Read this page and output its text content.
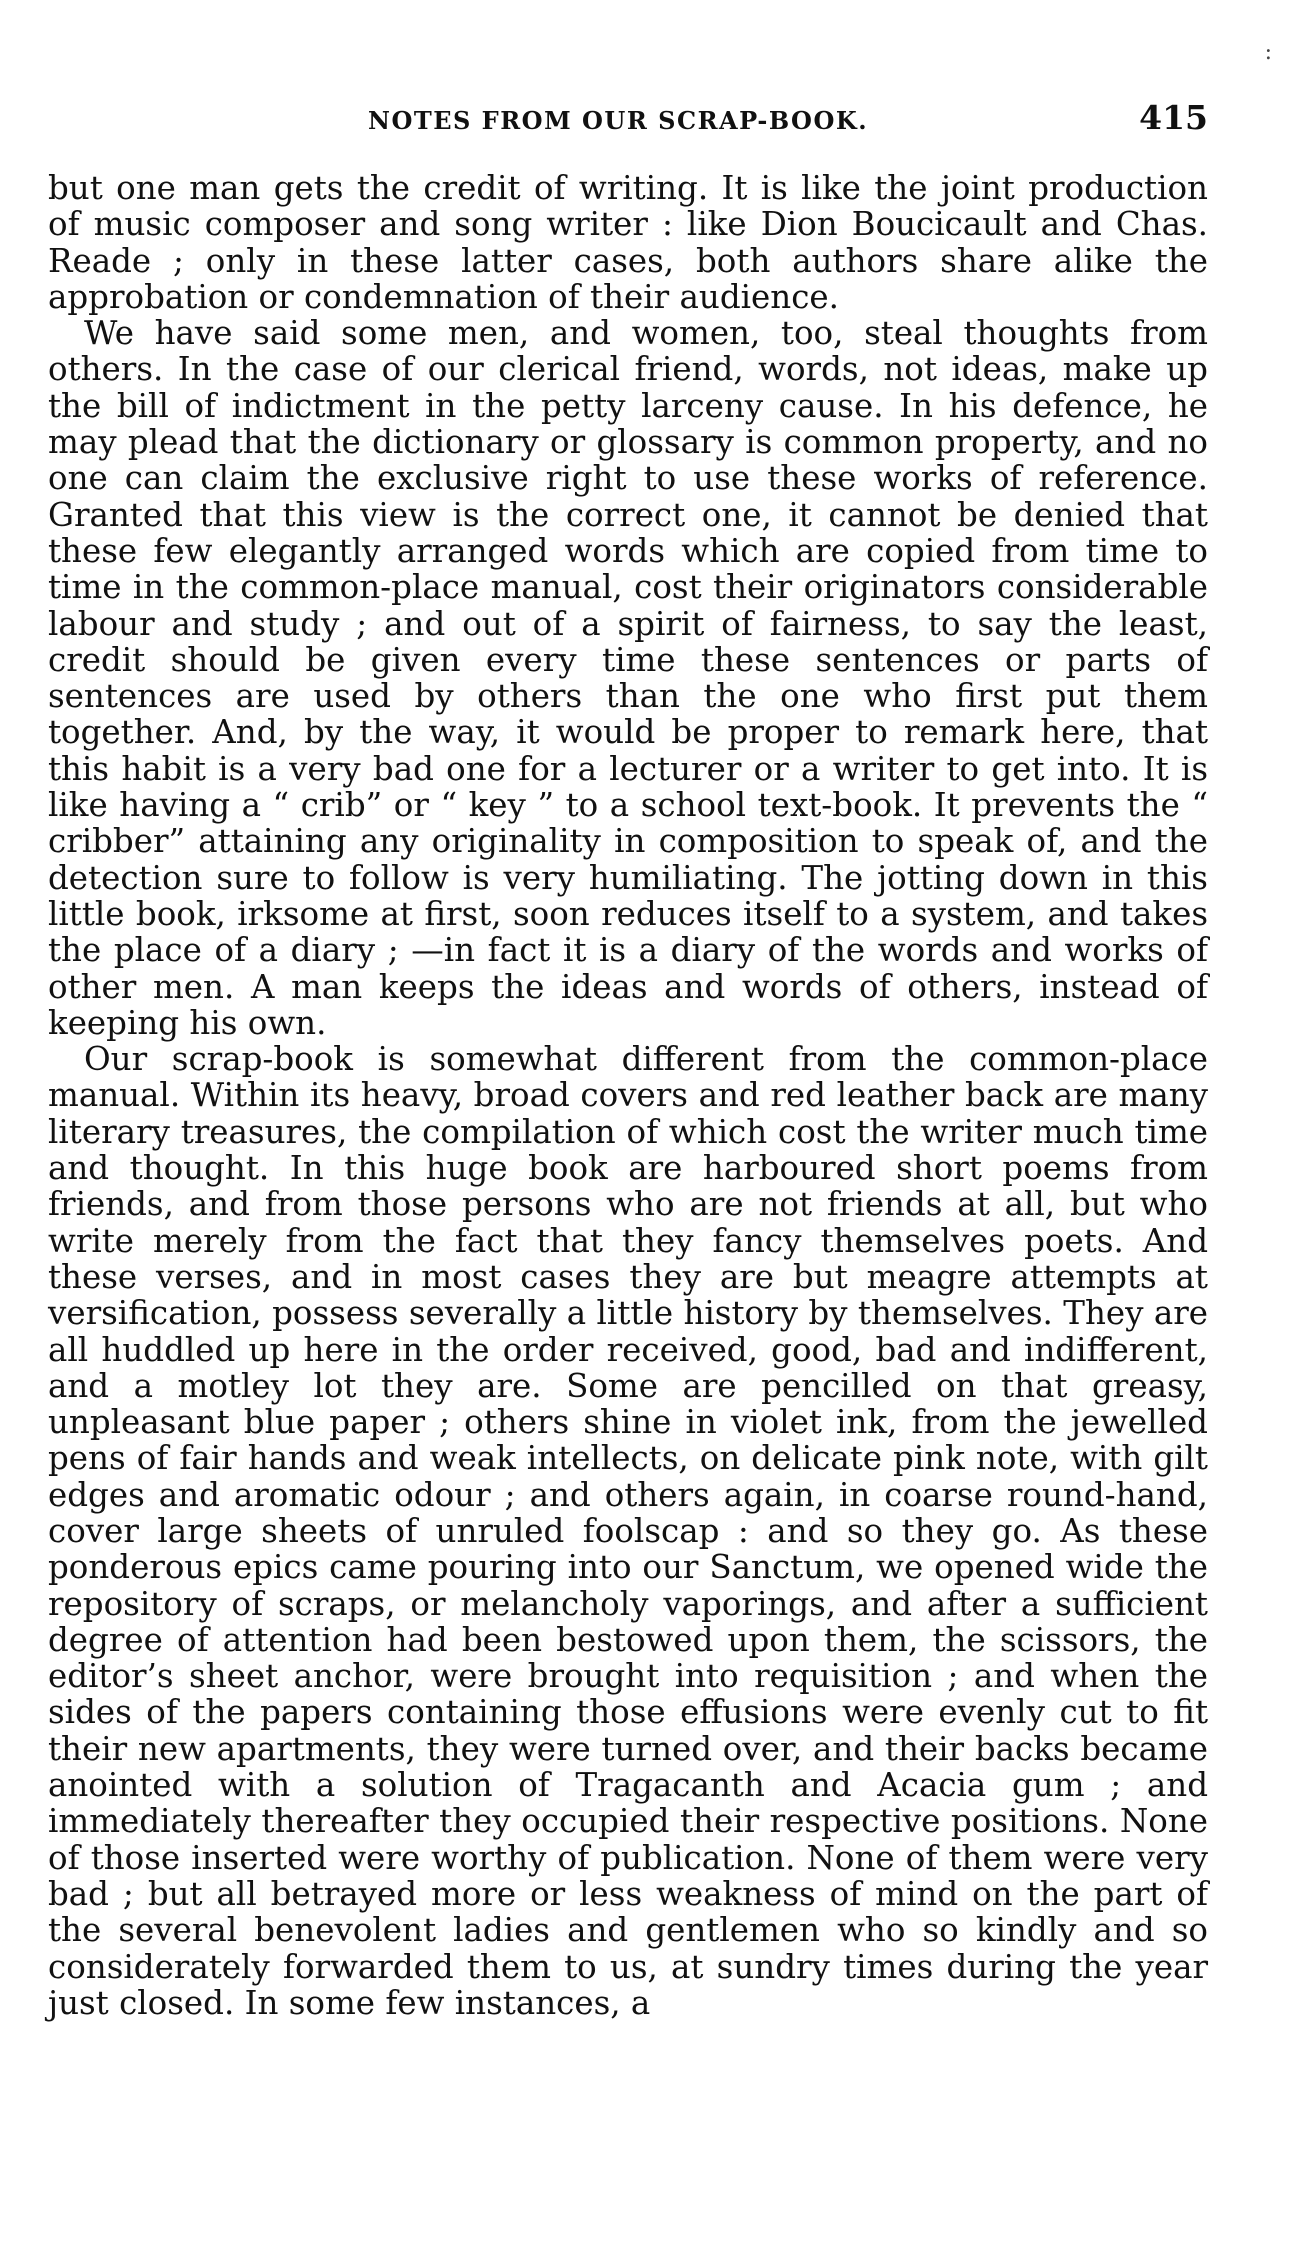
NOTES FROM OUR SCRAP-BOOK.	415
:

but one man gets the credit of writing. It is like the joint production of music composer and song writer : like Dion Boucicault and Chas. Reade ; only in these latter cases, both authors share alike the approbation or condemnation of their audience.

We have said some men, and women, too, steal thoughts from others. In the case of our clerical friend, words, not ideas, make up the bill of indictment in the petty larceny cause. In his defence, he may plead that the dictionary or glossary is common property, and no one can claim the exclusive right to use these works of reference. Granted that this view is the correct one, it cannot be denied that these few elegantly arranged words which are copied from time to time in the common-place manual, cost their originators considerable labour and study ; and out of a spirit of fairness, to say the least, credit should be given every time these sentences or parts of sentences are used by others than the one who first put them together. And, by the way, it would be proper to remark here, that this habit is a very bad one for a lecturer or a writer to get into. It is like having a “ crib” or “ key ” to a school text-book. It prevents the “ cribber” attaining any originality in composition to speak of, and the detection sure to follow is very humiliating. The jotting down in this little book, irksome at first, soon reduces itself to a system, and takes the place of a diary ; —in fact it is a diary of the words and works of other men. A man keeps the ideas and words of others, instead of keeping his own.

Our scrap-book is somewhat different from the common-place manual. Within its heavy, broad covers and red leather back are many literary treasures, the compilation of which cost the writer much time and thought. In this huge book are harboured short poems from friends, and from those persons who are not friends at all, but who write merely from the fact that they fancy themselves poets. And these verses, and in most cases they are but meagre attempts at versification, possess severally a little history by themselves. They are all huddled up here in the order received, good, bad and indifferent, and a motley lot they are. Some are pencilled on that greasy, unpleasant blue paper ; others shine in violet ink, from the jewelled pens of fair hands and weak intellects, on delicate pink note, with gilt edges and aromatic odour ; and others again, in coarse round-hand, cover large sheets of unruled foolscap : and so they go. As these ponderous epics came pouring into our Sanctum, we opened wide the repository of scraps, or melancholy vaporings, and after a sufficient degree of attention had been bestowed upon them, the scissors, the editor’s sheet anchor, were brought into requisition ; and when the sides of the papers containing those effusions were evenly cut to fit their new apartments, they were turned over, and their backs became anointed with a solution of Tragacanth and Acacia gum ; and immediately thereafter they occupied their respective positions. None of those inserted were worthy of publication. None of them were very bad ; but all betrayed more or less weakness of mind on the part of the several benevolent ladies and gentlemen who so kindly and so considerately forwarded them to us, at sundry times during the year just closed. In some few instances, a
